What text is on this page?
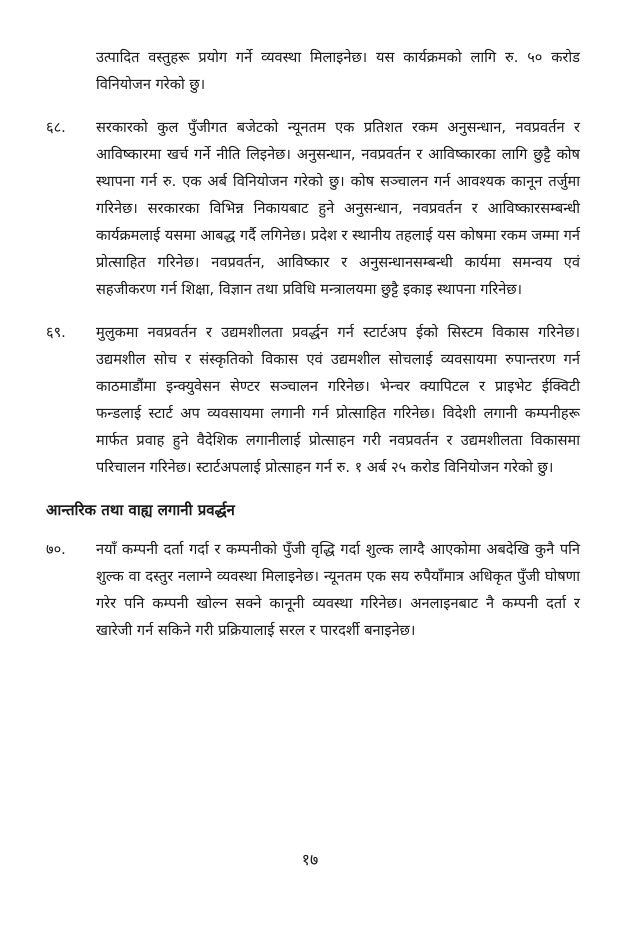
उत्पादित वस्तुहरू प्रयोग गर्ने व्यवस्था मिलाइनेछ। यस कार्यक्रमको लागि रु. ५० करोड विनियोजन गरेको छु।
६८. सरकारको कुल पुँजीगत बजेटको न्यूनतम एक प्रतिशत रकम अनुसन्धान, नवप्रवर्तन र आविष्कारमा खर्च गर्ने नीति लिइनेछ। अनुसन्धान, नवप्रवर्तन र आविष्कारका लागि छुट्टै कोष स्थापना गर्न रु. एक अर्ब विनियोजन गरेको छु। कोष सञ्चालन गर्न आवश्यक कानून तर्जुमा गरिनेछ। सरकारका विभिन्न निकायबाट हुने अनुसन्धान, नवप्रवर्तन र आविष्कारसम्बन्धी कार्यक्रमलाई यसमा आबद्ध गर्दै लगिनेछ। प्रदेश र स्थानीय तहलाई यस कोषमा रकम जम्मा गर्न प्रोत्साहित गरिनेछ। नवप्रवर्तन, आविष्कार र अनुसन्धानसम्बन्धी कार्यमा समन्वय एवं सहजीकरण गर्न शिक्षा, विज्ञान तथा प्रविधि मन्त्रालयमा छुट्टै इकाइ स्थापना गरिनेछ।
६९. मुलुकमा नवप्रवर्तन र उद्यमशीलता प्रवर्द्धन गर्न स्टार्टअप ईको सिस्टम विकास गरिनेछ। उद्यमशील सोच र संस्कृतिको विकास एवं उद्यमशील सोचलाई व्यवसायमा रुपान्तरण गर्न काठमाडौंमा इन्क्युवेसन सेण्टर सञ्चालन गरिनेछ। भेन्चर क्यापिटल र प्राइभेट ईक्विटी फन्डलाई स्टार्ट अप व्यवसायमा लगानी गर्न प्रोत्साहित गरिनेछ। विदेशी लगानी कम्पनीहरू मार्फत प्रवाह हुने वैदेशिक लगानीलाई प्रोत्साहन गरी नवप्रवर्तन र उद्यमशीलता विकासमा परिचालन गरिनेछ। स्टार्टअपलाई प्रोत्साहन गर्न रु. १ अर्ब २५ करोड विनियोजन गरेको छु।
आन्तरिक तथा वाह्य लगानी प्रवर्द्धन
७०. नयाँ कम्पनी दर्ता गर्दा र कम्पनीको पुँजी वृद्धि गर्दा शुल्क लाग्दै आएकोमा अबदेखि कुनै पनि शुल्क वा दस्तुर नलाग्ने व्यवस्था मिलाइनेछ। न्यूनतम एक सय रुपैयाँमात्र अधिकृत पुँजी घोषणा गरेर पनि कम्पनी खोल्न सक्ने कानूनी व्यवस्था गरिनेछ। अनलाइनबाट नै कम्पनी दर्ता र खारेजी गर्न सकिने गरी प्रक्रियालाई सरल र पारदर्शी बनाइनेछ।
१७
